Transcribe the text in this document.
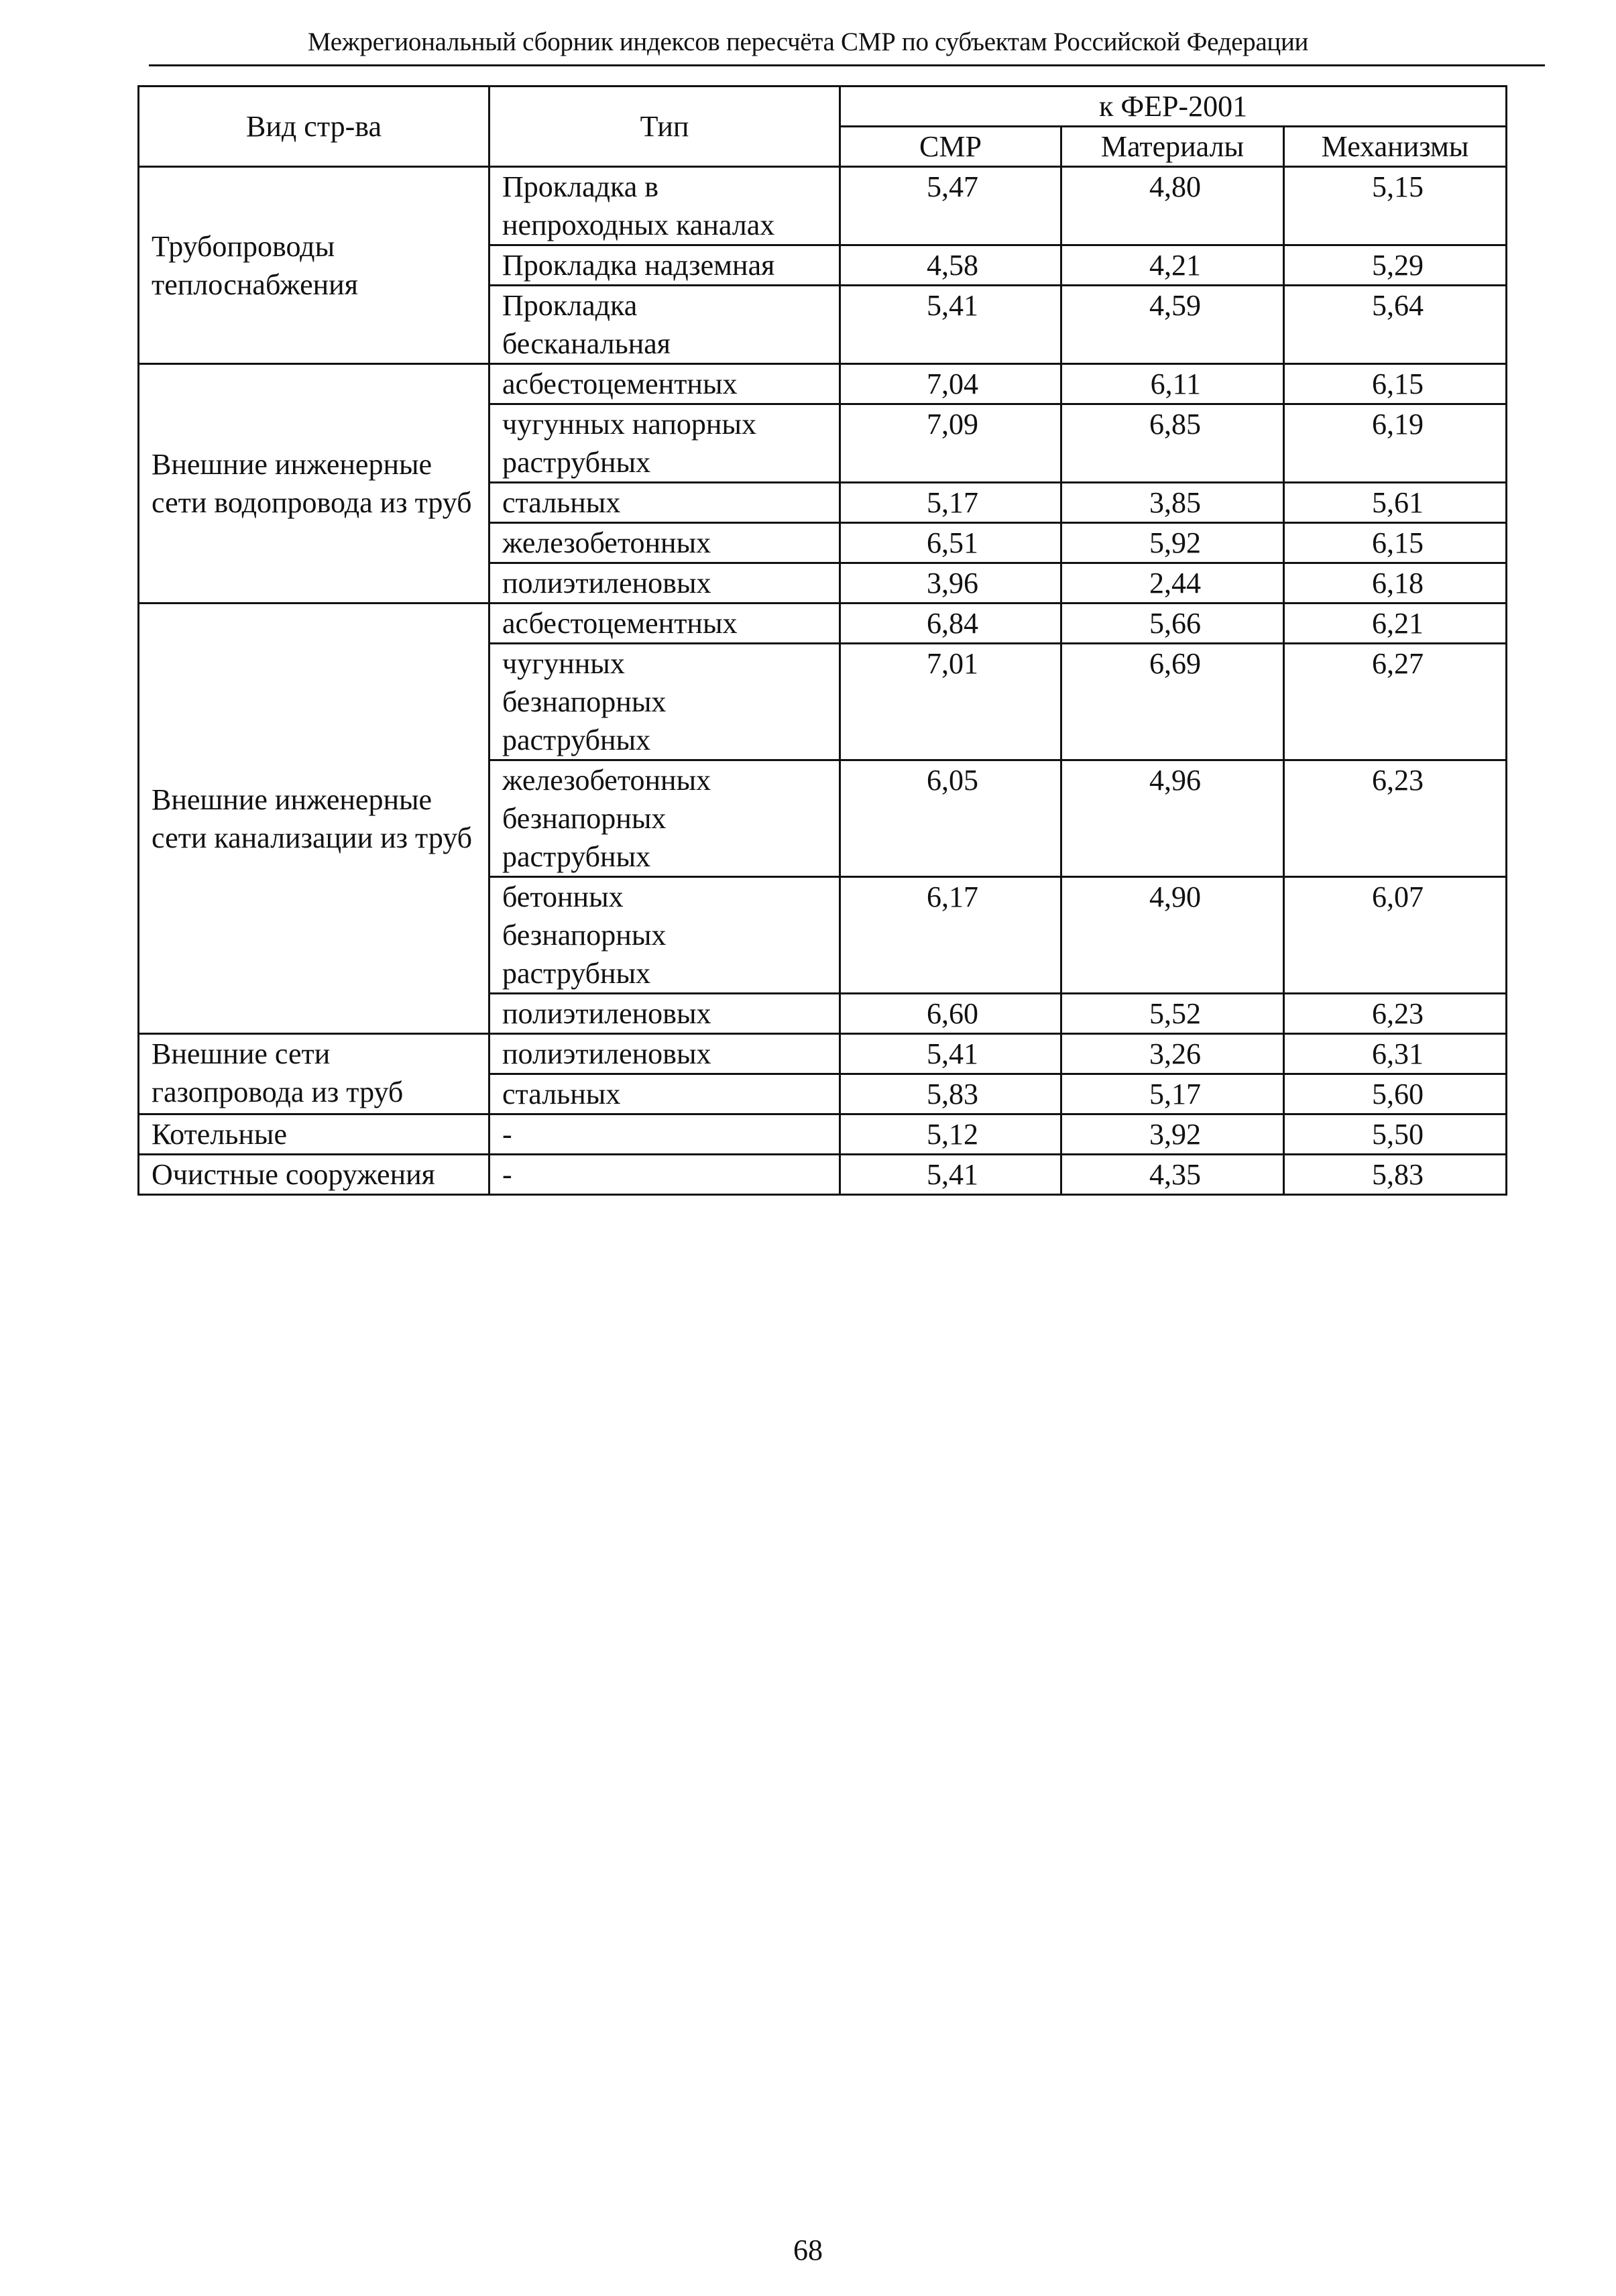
Межрегиональный сборник индексов пересчёта СМР по субъектам Российской Федерации
Вид стр-ва	Тип	к ФЕР-2001		
		СМР	Материалы	Механизмы
Трубопроводы теплоснабжения	Прокладка в непроходных каналах	5,47	4,80	5,15
	Прокладка надземная	4,58	4,21	5,29
	Прокладка бесканальная	5,41	4,59	5,64
Внешние инженерные сети водопровода из труб	асбестоцементных	7,04	6,11	6,15
	чугунных напорных раструбных	7,09	6,85	6,19
	стальных	5,17	3,85	5,61
	железобетонных	6,51	5,92	6,15
	полиэтиленовых	3,96	2,44	6,18
Внешние инженерные сети канализации из труб	асбестоцементных	6,84	5,66	6,21
	чугунных безнапорных раструбных	7,01	6,69	6,27
	железобетонных безнапорных раструбных	6,05	4,96	6,23
	бетонных безнапорных раструбных	6,17	4,90	6,07
	полиэтиленовых	6,60	5,52	6,23
Внешние сети газопровода из труб	полиэтиленовых	5,41	3,26	6,31
	стальных	5,83	5,17	5,60
Котельные	-	5,12	3,92	5,50
Очистные сооружения	-	5,41	4,35	5,83
68
